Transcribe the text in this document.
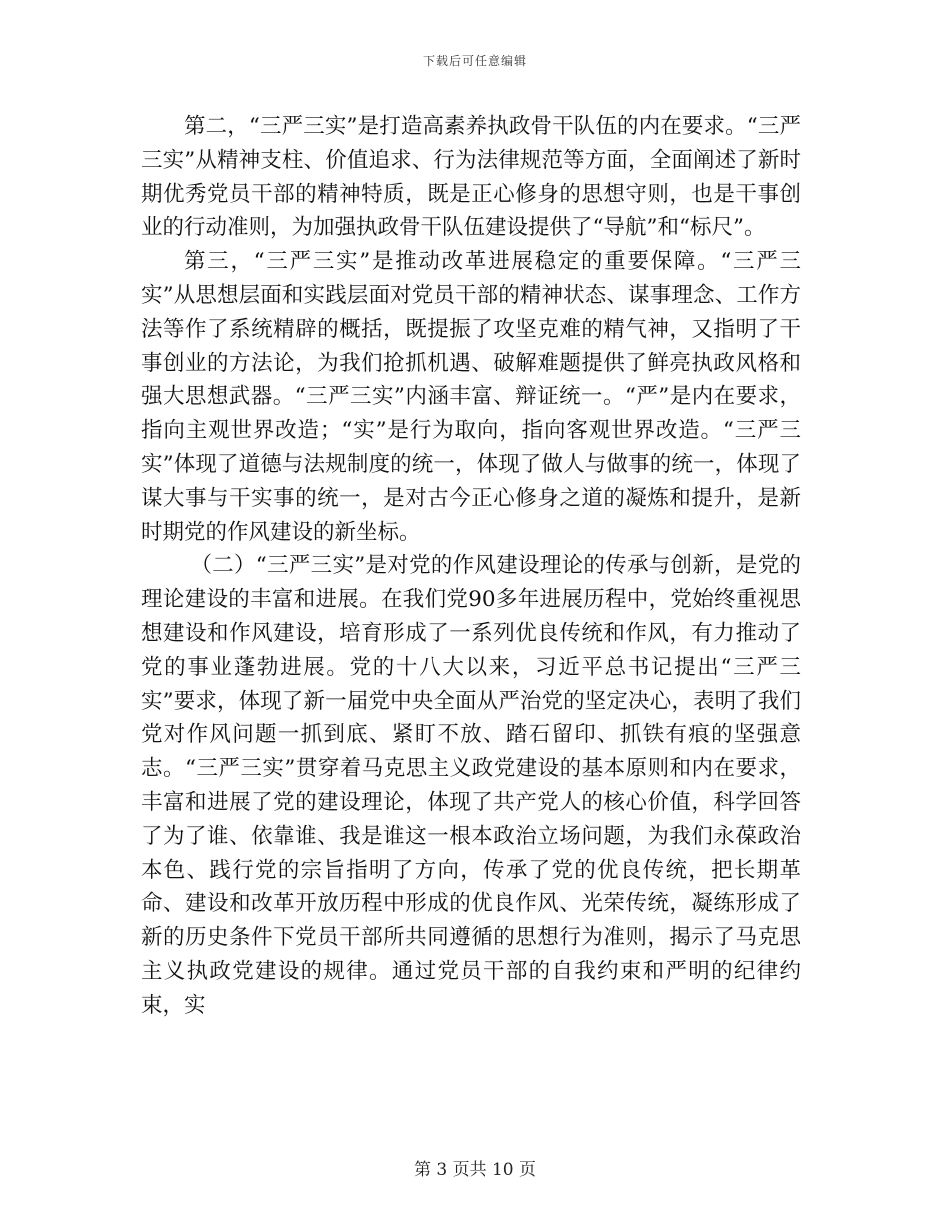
下载后可任意编辑

第二，“三严三实”是打造高素养执政骨干队伍的内在要求。“三严三实”从精神支柱、价值追求、行为法律规范等方面，全面阐述了新时期优秀党员干部的精神特质，既是正心修身的思想守则，也是干事创业的行动准则，为加强执政骨干队伍建设提供了“导航”和“标尺”。

第三，“三严三实”是推动改革进展稳定的重要保障。“三严三实”从思想层面和实践层面对党员干部的精神状态、谋事理念、工作方法等作了系统精辟的概括，既提振了攻坚克难的精气神，又指明了干事创业的方法论，为我们抢抓机遇、破解难题提供了鲜亮执政风格和强大思想武器。“三严三实”内涵丰富、辩证统一。“严”是内在要求，指向主观世界改造；“实”是行为取向，指向客观世界改造。“三严三实”体现了道德与法规制度的统一，体现了做人与做事的统一，体现了谋大事与干实事的统一，是对古今正心修身之道的凝炼和提升，是新时期党的作风建设的新坐标。

（二）“三严三实”是对党的作风建设理论的传承与创新，是党的理论建设的丰富和进展。在我们党90多年进展历程中，党始终重视思想建设和作风建设，培育形成了一系列优良传统和作风，有力推动了党的事业蓬勃进展。党的十八大以来，习近平总书记提出“三严三实”要求，体现了新一届党中央全面从严治党的坚定决心，表明了我们党对作风问题一抓到底、紧盯不放、踏石留印、抓铁有痕的坚强意志。“三严三实”贯穿着马克思主义政党建设的基本原则和内在要求，丰富和进展了党的建设理论，体现了共产党人的核心价值，科学回答了为了谁、依靠谁、我是谁这一根本政治立场问题，为我们永葆政治本色、践行党的宗旨指明了方向，传承了党的优良传统，把长期革命、建设和改革开放历程中形成的优良作风、光荣传统，凝练形成了新的历史条件下党员干部所共同遵循的思想行为准则，揭示了马克思主义执政党建设的规律。通过党员干部的自我约束和严明的纪律约束，实

第 3 页共 10 页
